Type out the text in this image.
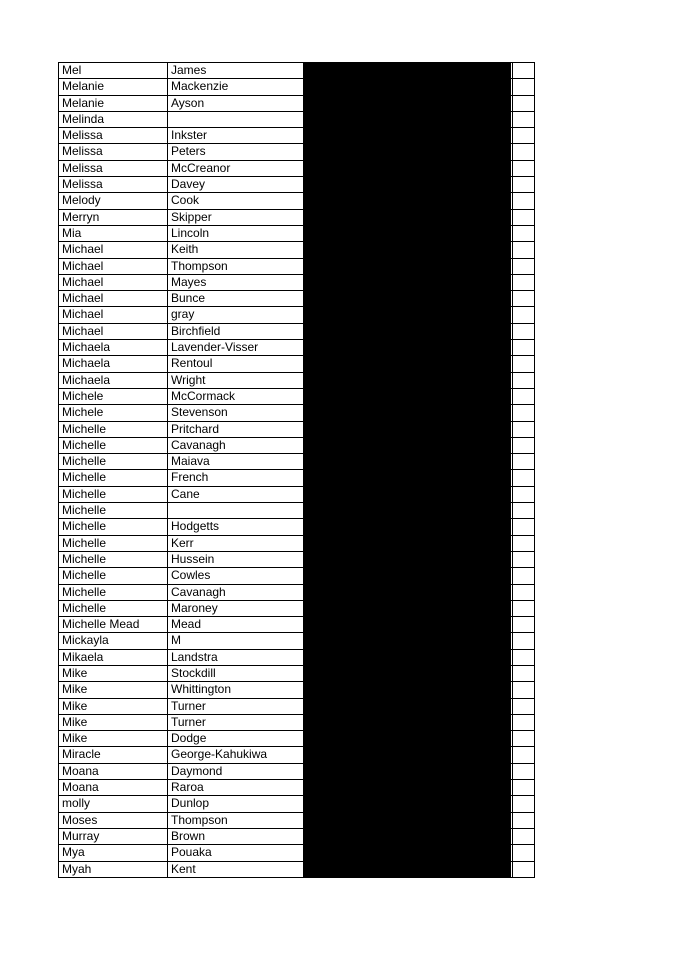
Mel	James
Melanie	Mackenzie
Melanie	Ayson
Melinda
Melissa	Inkster
Melissa	Peters
Melissa	McCreanor
Melissa	Davey
Melody	Cook
Merryn	Skipper
Mia	Lincoln
Michael	Keith
Michael	Thompson
Michael	Mayes
Michael	Bunce
Michael	gray
Michael	Birchfield
Michaela	Lavender-Visser
Michaela	Rentoul
Michaela	Wright
Michele	McCormack
Michele	Stevenson
Michelle	Pritchard
Michelle	Cavanagh
Michelle	Maiava
Michelle	French
Michelle	Cane
Michelle
Michelle	Hodgetts
Michelle	Kerr
Michelle	Hussein
Michelle	Cowles
Michelle	Cavanagh
Michelle	Maroney
Michelle Mead	Mead
Mickayla	M
Mikaela	Landstra
Mike	Stockdill
Mike	Whittington
Mike	Turner
Mike	Turner
Mike	Dodge
Miracle	George-Kahukiwa
Moana	Daymond
Moana	Raroa
molly	Dunlop
Moses	Thompson
Murray	Brown
Mya	Pouaka
Myah	Kent
